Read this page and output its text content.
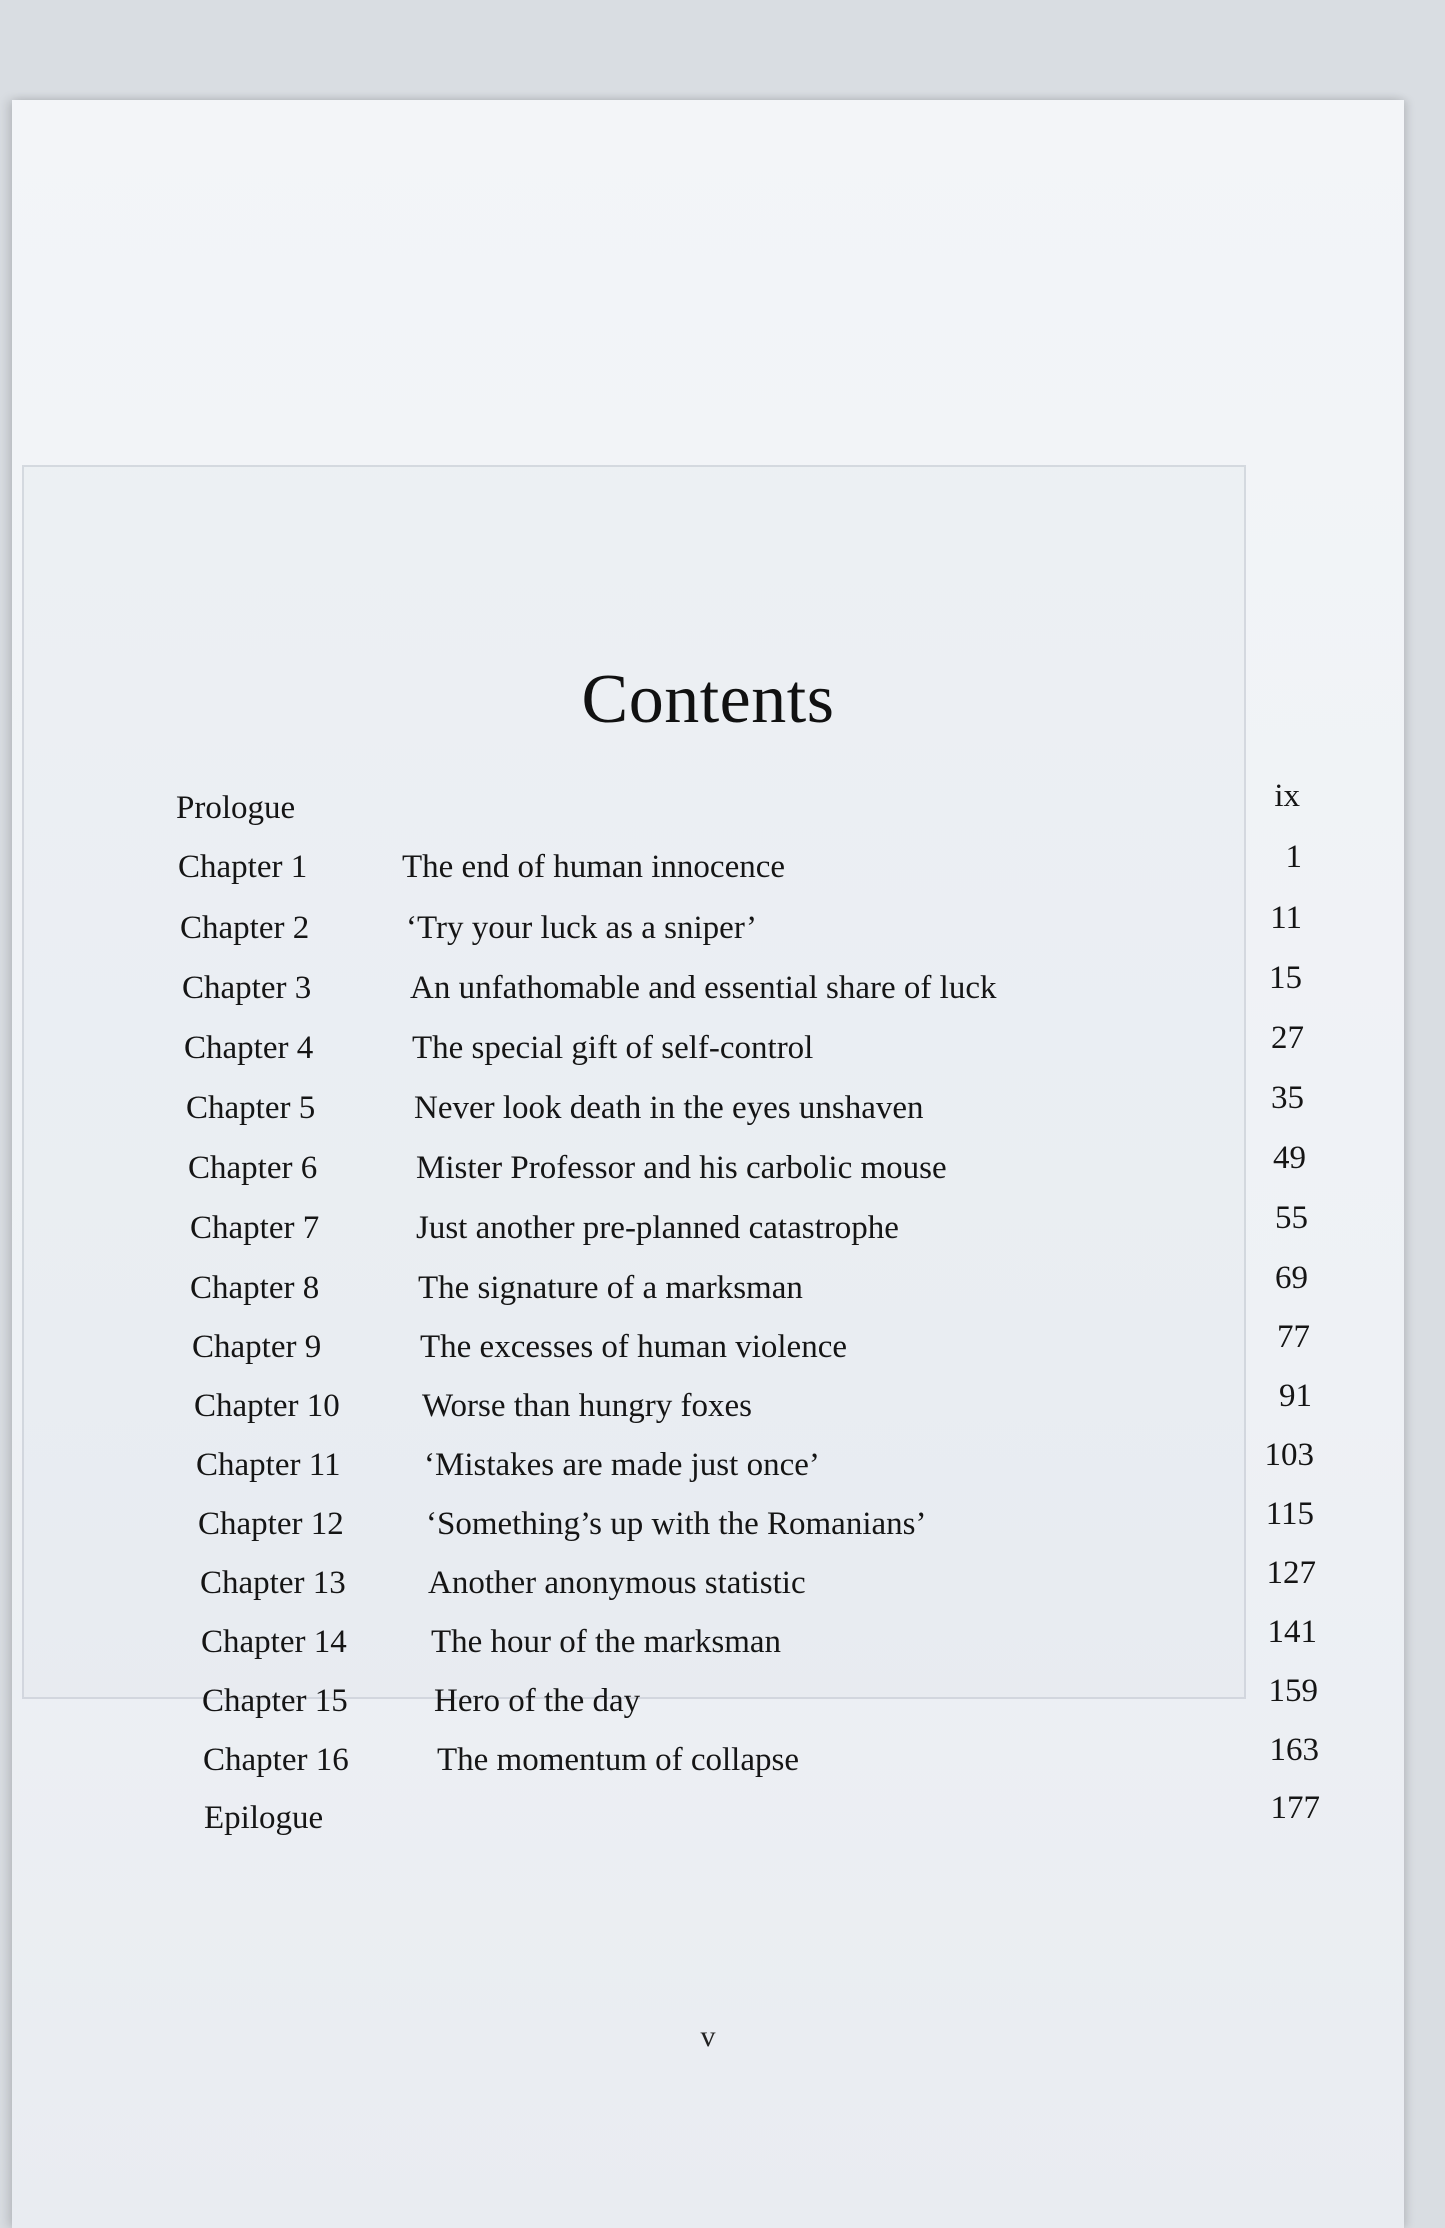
Contents
Prologue	ix
Chapter 1	The end of human innocence	1
Chapter 2	‘Try your luck as a sniper’	11
Chapter 3	An unfathomable and essential share of luck	15
Chapter 4	The special gift of self-control	27
Chapter 5	Never look death in the eyes unshaven	35
Chapter 6	Mister Professor and his carbolic mouse	49
Chapter 7	Just another pre-planned catastrophe	55
Chapter 8	The signature of a marksman	69
Chapter 9	The excesses of human violence	77
Chapter 10 Worse than hungry foxes	91
Chapter 11	‘Mistakes are made just once’	103
Chapter 12 ‘Something’s up with the Romanians’	115
Chapter 13 Another anonymous statistic	127
Chapter 14	The hour of the marksman	141
Chapter 15	Hero of the day	159
Chapter 16	The momentum of collapse	163
Epilogue	177
v
